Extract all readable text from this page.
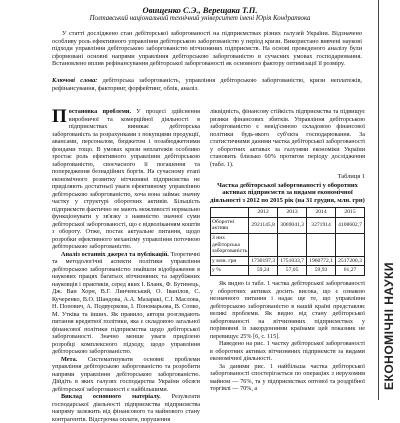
Овищенко С.Э., Верещака Т.П.
Полтавський національний технічний університет імені Юрія Кондратюка

У статті досліджено стан дебіторської заборгованості на підприємствах різних галузей України. Відзначено особливу роль ефективного управління дебіторською заборгованістю у період кризи. Використано вивчені наукові підходи управління дебіторською заборгованістю вітчизняних підприємств. На основі проведеного аналізу були сформовані основні напрями управління дебіторською заборгованістю в сучасних умовах господарювання. Встановлено вплив рефінансування дебіторської заборгованості як основного фактору оптимізації її розміру.

Ключові слова: дебіторська заборгованість, управління дебіторською заборгованістю, кризи неплатежів, рефінансування, факторинг, форфейтинг, облік, аналіз.

Постановка проблеми. У процесі здійснення виробничої та комерційної діяльності в підприємствах виникає дебіторська заборгованість за розрахунками з покупцями продукції, авансами, персоналом, бюджетом і позабюджетними фондами тощо. В умовах кризи неплатежів особливо зростає роль ефективного управління дебіторською заборгованістю, своєчасного її погашення та попередження безнадійних боргів. На сучасному етапі економічного розвитку вітчизняні підприємства не приділяють достатньої уваги ефективному управлінню дебіторською заборгованістю, хоча вона займає значну частку у структурі оборотних активів. Більшість підприємств фактично не мають можливості нормально функціонувати у зв'язку з наявністю значної суми дебіторської заборгованості, що є відволіканням коштів з обороту. Отже, постає актуальне питання, щодо розробки ефективного механізму управління поточною дебіторською заборгованістю.

Аналіз останніх джерел та публікацій. Теоретичні та методологічні аспекти політики управління дебіторською заборгованістю знайшли відображення в наукових працях багатьох вітчизняних та зарубіжних науковців і практиків, серед яких І. Бланк, Ф. Бутинець, Дж. Ван Хорн, В.Г. Линчевський, О. Іванілов, С. Кучеренко, В.О. Шандова, А.А. Мазаракі, С.І. Маслова, Н. Попович, А. Подвуєркова, І. Пономарьова, В. Сопко, М. Утківа та інших. Як правило, автори розглядають питання кредитної політики, яка є складовою загальної фінансової політики підприємства щодо дебіторської заборгованості. Значно менше уваги приділено розробці комплексного підходу, щодо управління дебіторською заборгованістю.

Мета. Систематизувати основні проблеми управління дебіторською заборгованістю та розробити напрями управління дебіторською заборгованістю. Дійдіть в яких галузях господарства України обсяги дебіторської заборгованості є найбільшими.

Виклад основного матеріалу. Результати господарської діяльності підприємства підприємства напряму залежить від фінансового та майнового стану контрагентів. Відстрочка оплати, порушення

ліквідність, фінансову стійкість підприємства та підвищує ризики фінансових збитків. Управління дебіторською заборгованістю є невід'ємною складовою фінансової політики будь-якого суб'єкта господарювання. За статистичними даними частка дебіторської заборгованості у оборотних активах за галузями економіки України становить близько 60% протягом періоду дослідження (табл. 1).

Таблиця 1
Частка дебіторської заборгованості у оборотних активах підприємств за видами економічної діяльності з 2012 по 2015 рік (на 31 грудня, млн. грн)
	2012	2013	2014	2015
Оборотні активи	2921145,8	3069041,3	3271914	4108602,7
З них дебіторська заборгованість				
у млн. грн	1730197,3	1751033,7	1960772,1	2517200,3
у %	59,24	57,05	59,93	61,27

Як видно із табл. 1 частка дебіторської заборгованості у оборотних активах досить висока, що є ознакою незначного питання і надає ще те, що управління дебіторською заборгованістю в нашій країні представляє великі проблеми. Як видно від стану дебіторської заборгованості на вітчизняних підприємствах у порівнянні із закордонними країнами цей показник не перевищує 25% [6, с. 115].

Наведено на рис. 1 частку дебіторської заборгованості в оборотних активах вітчизняних підприємств за видами економічної діяльності.

За даними рис. 1 найбільша частка дебіторської заборгованості спостерігається по операціях з нерухомим майном — 76%, та у підприємствах оптової та роздрібної торгівлі — 70%, а	ЕКОНОМІЧНІ НАУКИ
